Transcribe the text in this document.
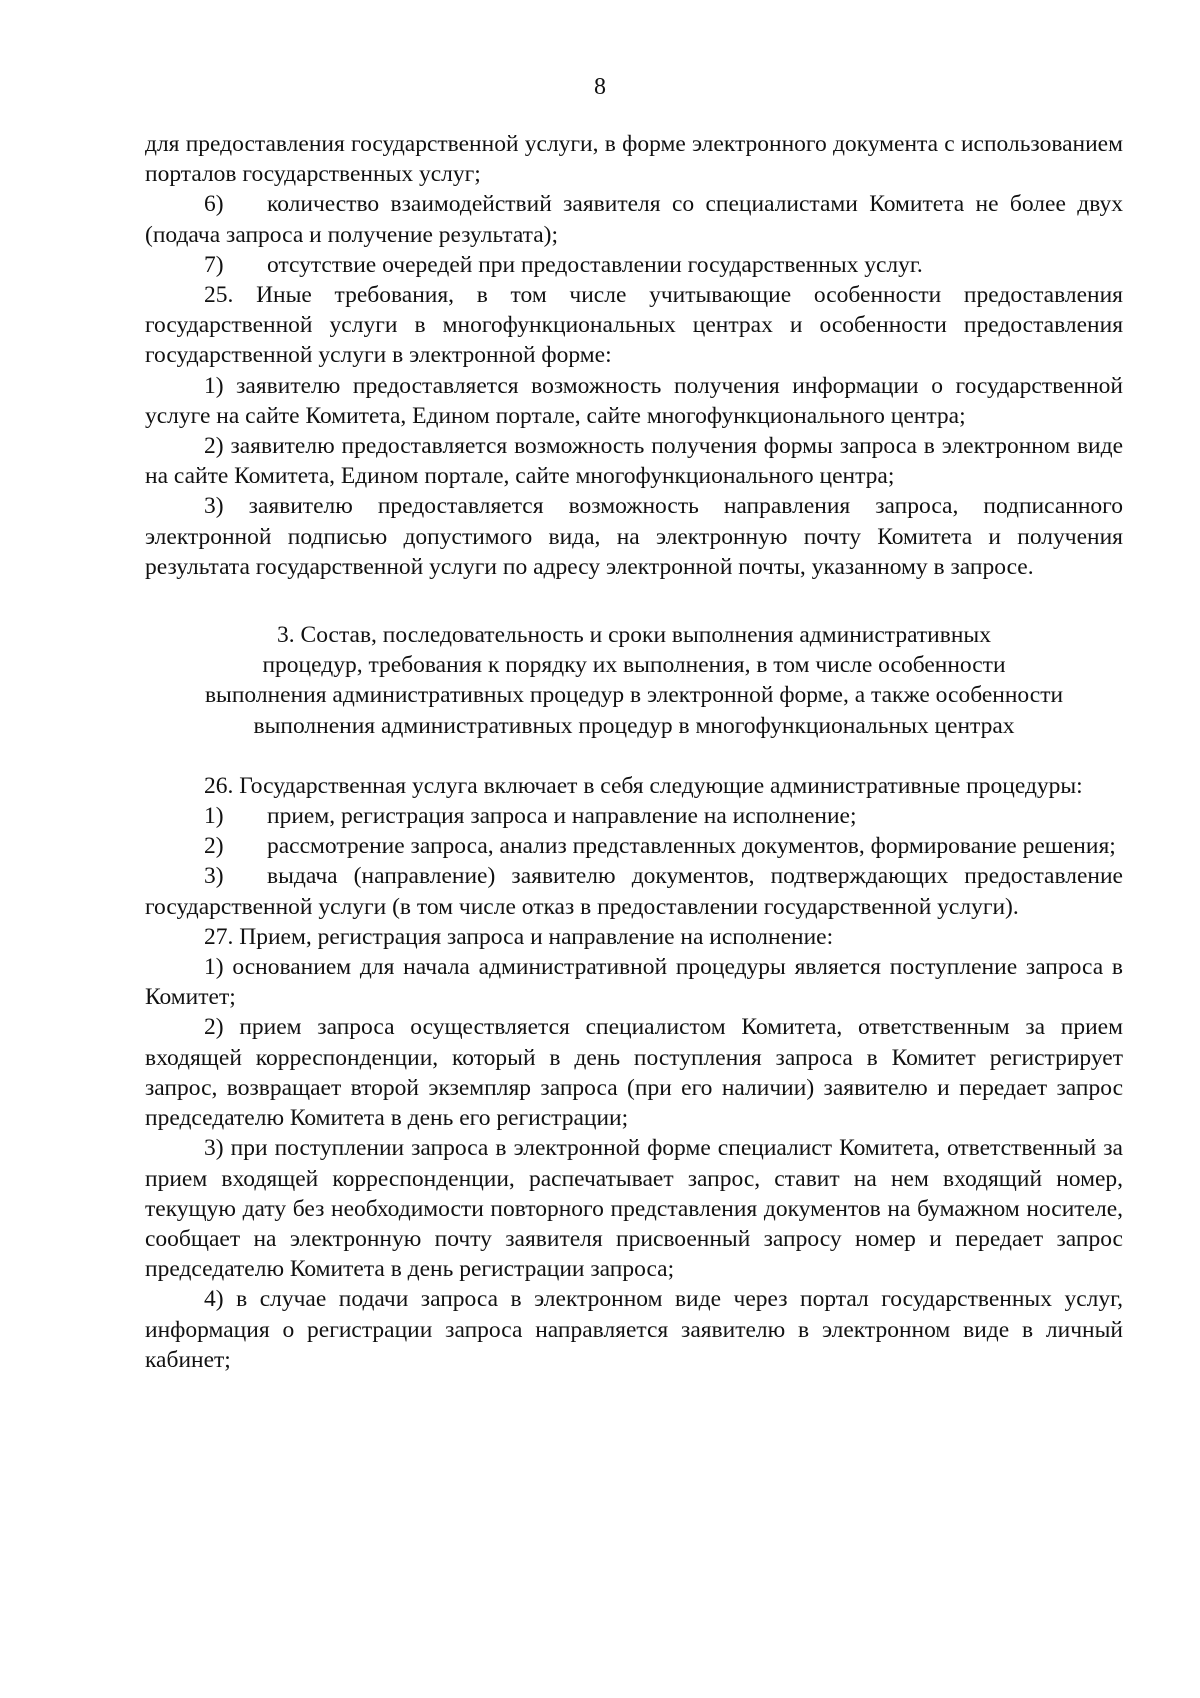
8

для предоставления государственной услуги, в форме электронного документа с использованием порталов государственных услуг;

6) количество взаимодействий заявителя со специалистами Комитета не более двух (подача запроса и получение результата);

7) отсутствие очередей при предоставлении государственных услуг.

25. Иные требования, в том числе учитывающие особенности предоставления государственной услуги в многофункциональных центрах и особенности предоставления государственной услуги в электронной форме:

1) заявителю предоставляется возможность получения информации о государственной услуге на сайте Комитета, Едином портале, сайте многофункционального центра;

2) заявителю предоставляется возможность получения формы запроса в электронном виде на сайте Комитета, Едином портале, сайте многофункционального центра;

3) заявителю предоставляется возможность направления запроса, подписанного электронной подписью допустимого вида, на электронную почту Комитета и получения результата государственной услуги по адресу электронной почты, указанному в запросе.

3. Состав, последовательность и сроки выполнения административных
процедур, требования к порядку их выполнения, в том числе особенности
выполнения административных процедур в электронной форме, а также особенности
выполнения административных процедур в многофункциональных центрах

26. Государственная услуга включает в себя следующие административные процедуры:

1) прием, регистрация запроса и направление на исполнение;

2) рассмотрение запроса, анализ представленных документов, формирование решения;

3) выдача (направление) заявителю документов, подтверждающих предоставление государственной услуги (в том числе отказ в предоставлении государственной услуги).

27. Прием, регистрация запроса и направление на исполнение:

1) основанием для начала административной процедуры является поступление запроса в Комитет;

2) прием запроса осуществляется специалистом Комитета, ответственным за прием входящей корреспонденции, который в день поступления запроса в Комитет регистрирует запрос, возвращает второй экземпляр запроса (при его наличии) заявителю и передает запрос председателю Комитета в день его регистрации;

3) при поступлении запроса в электронной форме специалист Комитета, ответственный за прием входящей корреспонденции, распечатывает запрос, ставит на нем входящий номер, текущую дату без необходимости повторного представления документов на бумажном носителе, сообщает на электронную почту заявителя присвоенный запросу номер и передает запрос председателю Комитета в день регистрации запроса;

4) в случае подачи запроса в электронном виде через портал государственных услуг, информация о регистрации запроса направляется заявителю в электронном виде в личный кабинет;
